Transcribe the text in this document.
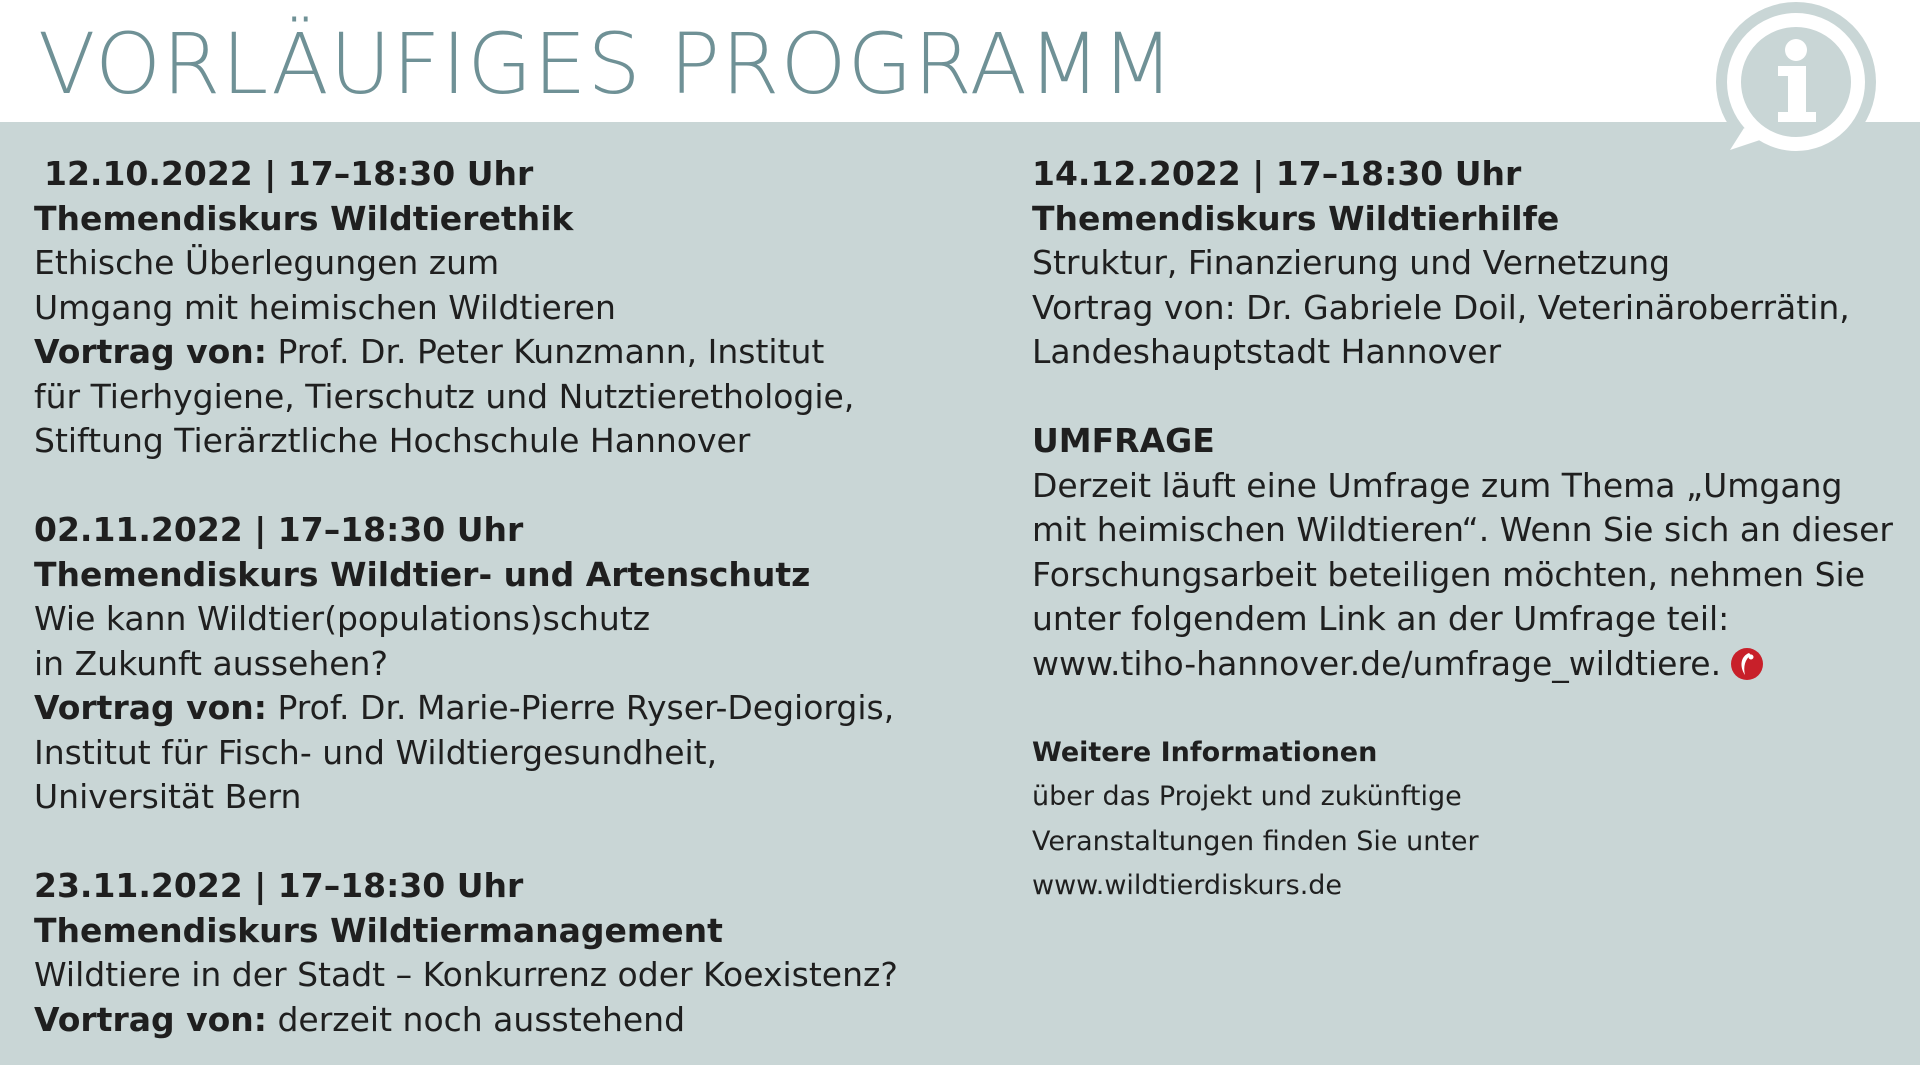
VORLÄUFIGES PROGRAMM
12.10.2022 | 17–18:30 Uhr
Themendiskurs Wildtierethik
Ethische Überlegungen zum
Umgang mit heimischen Wildtieren
Vortrag von: Prof. Dr. Peter Kunzmann, Institut
für Tierhygiene, Tierschutz und Nutztierethologie,
Stiftung Tierärztliche Hochschule Hannover
02.11.2022 | 17–18:30 Uhr
Themendiskurs Wildtier- und Artenschutz
Wie kann Wildtier(populations)schutz
in Zukunft aussehen?
Vortrag von: Prof. Dr. Marie-Pierre Ryser-Degiorgis,
Institut für Fisch- und Wildtiergesundheit,
Universität Bern
23.11.2022 | 17–18:30 Uhr
Themendiskurs Wildtiermanagement
Wildtiere in der Stadt – Konkurrenz oder Koexistenz?
Vortrag von: derzeit noch ausstehend
14.12.2022 | 17–18:30 Uhr
Themendiskurs Wildtierhilfe
Struktur, Finanzierung und Vernetzung
Vortrag von: Dr. Gabriele Doil, Veterinäroberrätin,
Landeshauptstadt Hannover
UMFRAGE
Derzeit läuft eine Umfrage zum Thema „Umgang
mit heimischen Wildtieren“. Wenn Sie sich an dieser
Forschungsarbeit beteiligen möchten, nehmen Sie
unter folgendem Link an der Umfrage teil:
www.tiho-hannover.de/umfrage_wildtiere.
Weitere Informationen
über das Projekt und zukünftige
Veranstaltungen finden Sie unter
www.wildtierdiskurs.de
